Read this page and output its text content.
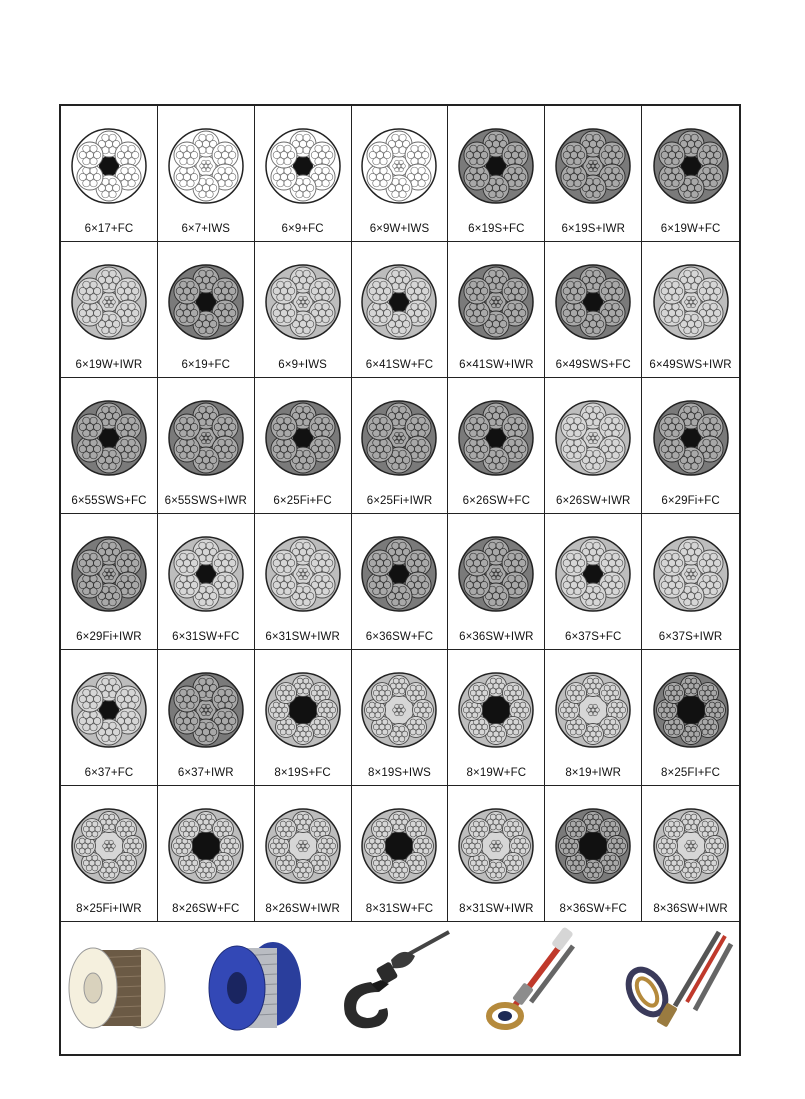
6×17+FC	6×7+IWS	6×9+FC	6×9W+IWS	6×19S+FC	6×19S+IWR	6×19W+FC
6×19W+IWR	6×19+FC	6×9+IWS	6×41SW+FC	6×41SW+IWR	6×49SWS+FC	6×49SWS+IWR
6×55SWS+FC	6×55SWS+IWR	6×25Fi+FC	6×25Fi+IWR	6×26SW+FC	6×26SW+IWR	6×29Fi+FC
6×29Fi+IWR	6×31SW+FC	6×31SW+IWR	6×36SW+FC	6×36SW+IWR	6×37S+FC	6×37S+IWR
6×37+FC	6×37+IWR	8×19S+FC	8×19S+IWS	8×19W+FC	8×19+IWR	8×25FI+FC
8×25Fi+IWR	8×26SW+FC	8×26SW+IWR	8×31SW+FC	8×31SW+IWR	8×36SW+FC	8×36SW+IWR
